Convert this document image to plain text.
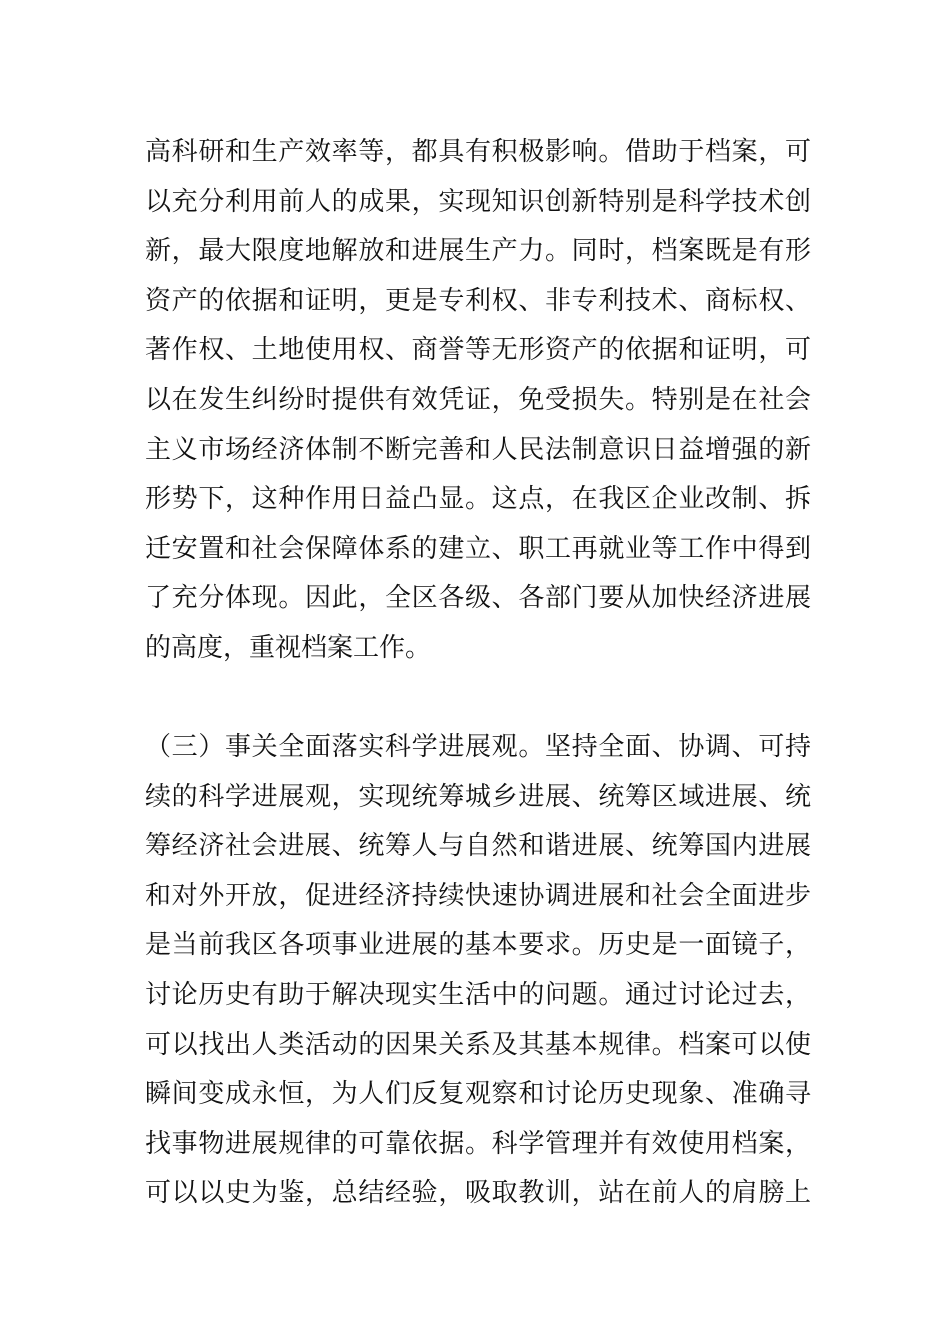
高科研和生产效率等，都具有积极影响。借助于档案，可
以充分利用前人的成果，实现知识创新特别是科学技术创
新，最大限度地解放和进展生产力。同时，档案既是有形
资产的依据和证明，更是专利权、非专利技术、商标权、
著作权、土地使用权、商誉等无形资产的依据和证明，可
以在发生纠纷时提供有效凭证，免受损失。特别是在社会
主义市场经济体制不断完善和人民法制意识日益增强的新
形势下，这种作用日益凸显。这点，在我区企业改制、拆
迁安置和社会保障体系的建立、职工再就业等工作中得到
了充分体现。因此，全区各级、各部门要从加快经济进展
的高度，重视档案工作。
（三）事关全面落实科学进展观。坚持全面、协调、可持
续的科学进展观，实现统筹城乡进展、统筹区域进展、统
筹经济社会进展、统筹人与自然和谐进展、统筹国内进展
和对外开放，促进经济持续快速协调进展和社会全面进步
是当前我区各项事业进展的基本要求。历史是一面镜子，
讨论历史有助于解决现实生活中的问题。通过讨论过去，
可以找出人类活动的因果关系及其基本规律。档案可以使
瞬间变成永恒，为人们反复观察和讨论历史现象、准确寻
找事物进展规律的可靠依据。科学管理并有效使用档案，
可以以史为鉴，总结经验，吸取教训，站在前人的肩膀上
